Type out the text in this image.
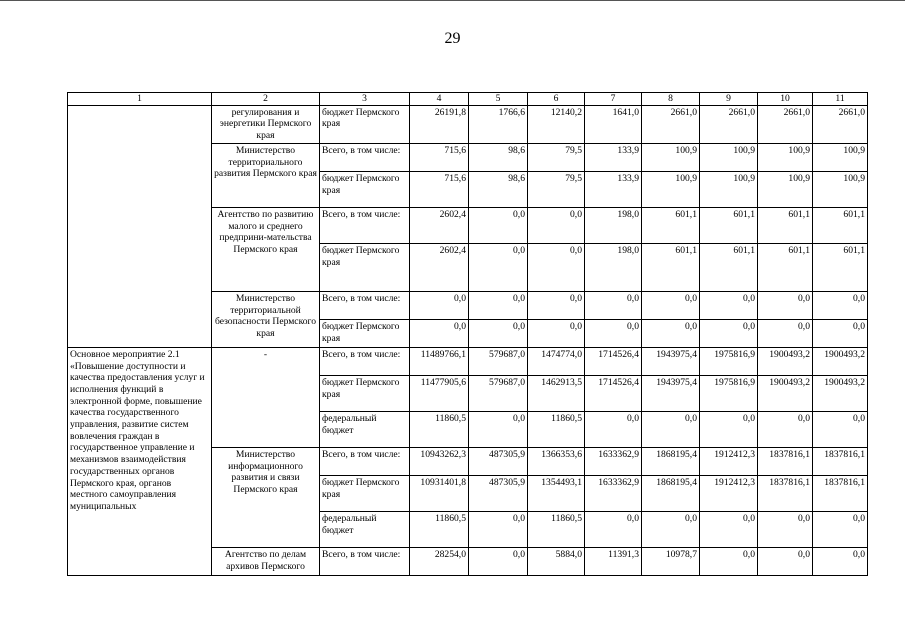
29
1	2	3	4	5	6	7	8	9	10	11
	регулирования и энергетики Пермского края	бюджет Пермского края	26191,8	1766,6	12140,2	1641,0	2661,0	2661,0	2661,0	2661,0
	Министерство территориального развития Пермского края	Всего, в том числе:	715,6	98,6	79,5	133,9	100,9	100,9	100,9	100,9
		бюджет Пермского края	715,6	98,6	79,5	133,9	100,9	100,9	100,9	100,9
	Агентство по развитию малого и среднего предприни-мательства Пермского края	Всего, в том числе:	2602,4	0,0	0,0	198,0	601,1	601,1	601,1	601,1
		бюджет Пермского края	2602,4	0,0	0,0	198,0	601,1	601,1	601,1	601,1
	Министерство территориальной безопасности Пермского края	Всего, в том числе:	0,0	0,0	0,0	0,0	0,0	0,0	0,0	0,0
		бюджет Пермского края	0,0	0,0	0,0	0,0	0,0	0,0	0,0	0,0
Основное мероприятие 2.1 «Повышение доступности и качества предоставления услуг и исполнения функций в электронной форме, повышение качества государственного управления, развитие систем вовлечения граждан в государственное управление и механизмов взаимодействия государственных органов Пермского края, органов местного самоуправления муниципальных	-	Всего, в том числе:	11489766,1	579687,0	1474774,0	1714526,4	1943975,4	1975816,9	1900493,2	1900493,2
		бюджет Пермского края	11477905,6	579687,0	1462913,5	1714526,4	1943975,4	1975816,9	1900493,2	1900493,2
		федеральный бюджет	11860,5	0,0	11860,5	0,0	0,0	0,0	0,0	0,0
	Министерство информационного развития и связи Пермского края	Всего, в том числе:	10943262,3	487305,9	1366353,6	1633362,9	1868195,4	1912412,3	1837816,1	1837816,1
		бюджет Пермского края	10931401,8	487305,9	1354493,1	1633362,9	1868195,4	1912412,3	1837816,1	1837816,1
		федеральный бюджет	11860,5	0,0	11860,5	0,0	0,0	0,0	0,0	0,0
	Агентство по делам архивов Пермского	Всего, в том числе:	28254,0	0,0	5884,0	11391,3	10978,7	0,0	0,0	0,0
